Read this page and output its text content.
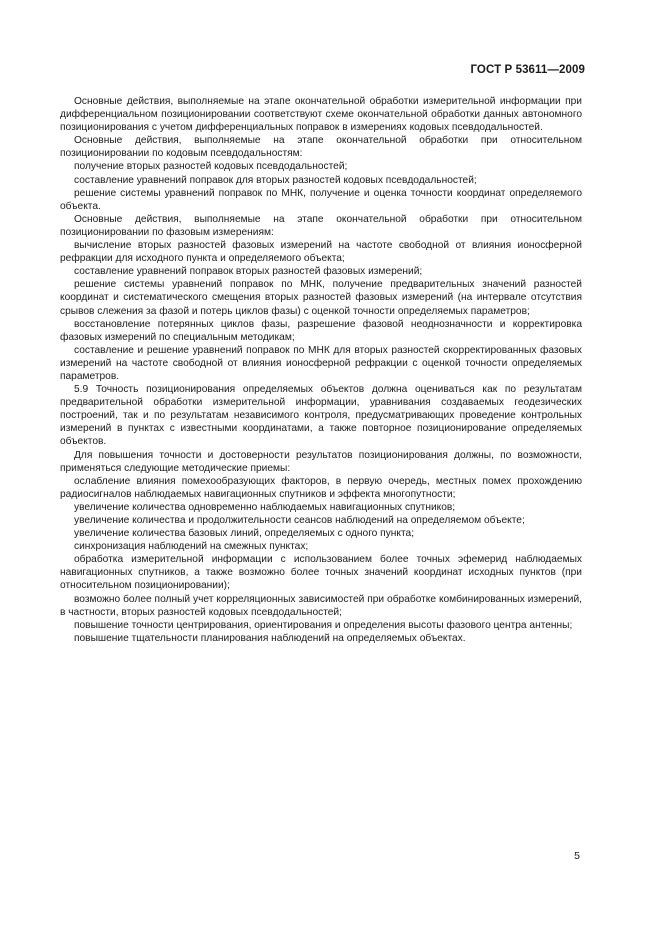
ГОСТ Р 53611—2009

Основные действия, выполняемые на этапе окончательной обработки измерительной информации при дифференциальном позиционировании соответствуют схеме окончательной обработки данных автономного позиционирования с учетом дифференциальных поправок в измерениях кодовых псевдодальностей.

Основные действия, выполняемые на этапе окончательной обработки при относительном позиционировании по кодовым псевдодальностям:

получение вторых разностей кодовых псевдодальностей;

составление уравнений поправок для вторых разностей кодовых псевдодальностей;

решение системы уравнений поправок по МНК, получение и оценка точности координат определяемого объекта.

Основные действия, выполняемые на этапе окончательной обработки при относительном позиционировании по фазовым измерениям:

вычисление вторых разностей фазовых измерений на частоте свободной от влияния ионосферной рефракции для исходного пункта и определяемого объекта;

составление уравнений поправок вторых разностей фазовых измерений;

решение системы уравнений поправок по МНК, получение предварительных значений разностей координат и систематического смещения вторых разностей фазовых измерений (на интервале отсутствия срывов слежения за фазой и потерь циклов фазы) с оценкой точности определяемых параметров;

восстановление потерянных циклов фазы, разрешение фазовой неоднозначности и корректировка фазовых измерений по специальным методикам;

составление и решение уравнений поправок по МНК для вторых разностей скорректированных фазовых измерений на частоте свободной от влияния ионосферной рефракции с оценкой точности определяемых параметров.

5.9 Точность позиционирования определяемых объектов должна оцениваться как по результатам предварительной обработки измерительной информации, уравнивания создаваемых геодезических построений, так и по результатам независимого контроля, предусматривающих проведение контрольных измерений в пунктах с известными координатами, а также повторное позиционирование определяемых объектов.

Для повышения точности и достоверности результатов позиционирования должны, по возможности, применяться следующие методические приемы:

ослабление влияния помехообразующих факторов, в первую очередь, местных помех прохождению радиосигналов наблюдаемых навигационных спутников и эффекта многопутности;

увеличение количества одновременно наблюдаемых навигационных спутников;

увеличение количества и продолжительности сеансов наблюдений на определяемом объекте;

увеличение количества базовых линий, определяемых с одного пункта;

синхронизация наблюдений на смежных пунктах;

обработка измерительной информации с использованием более точных эфемерид наблюдаемых навигационных спутников, а также возможно более точных значений координат исходных пунктов (при относительном позиционировании);

возможно более полный учет корреляционных зависимостей при обработке комбинированных измерений, в частности, вторых разностей кодовых псевдодальностей;

повышение точности центрирования, ориентирования и определения высоты фазового центра антенны;

повышение тщательности планирования наблюдений на определяемых объектах.

5
